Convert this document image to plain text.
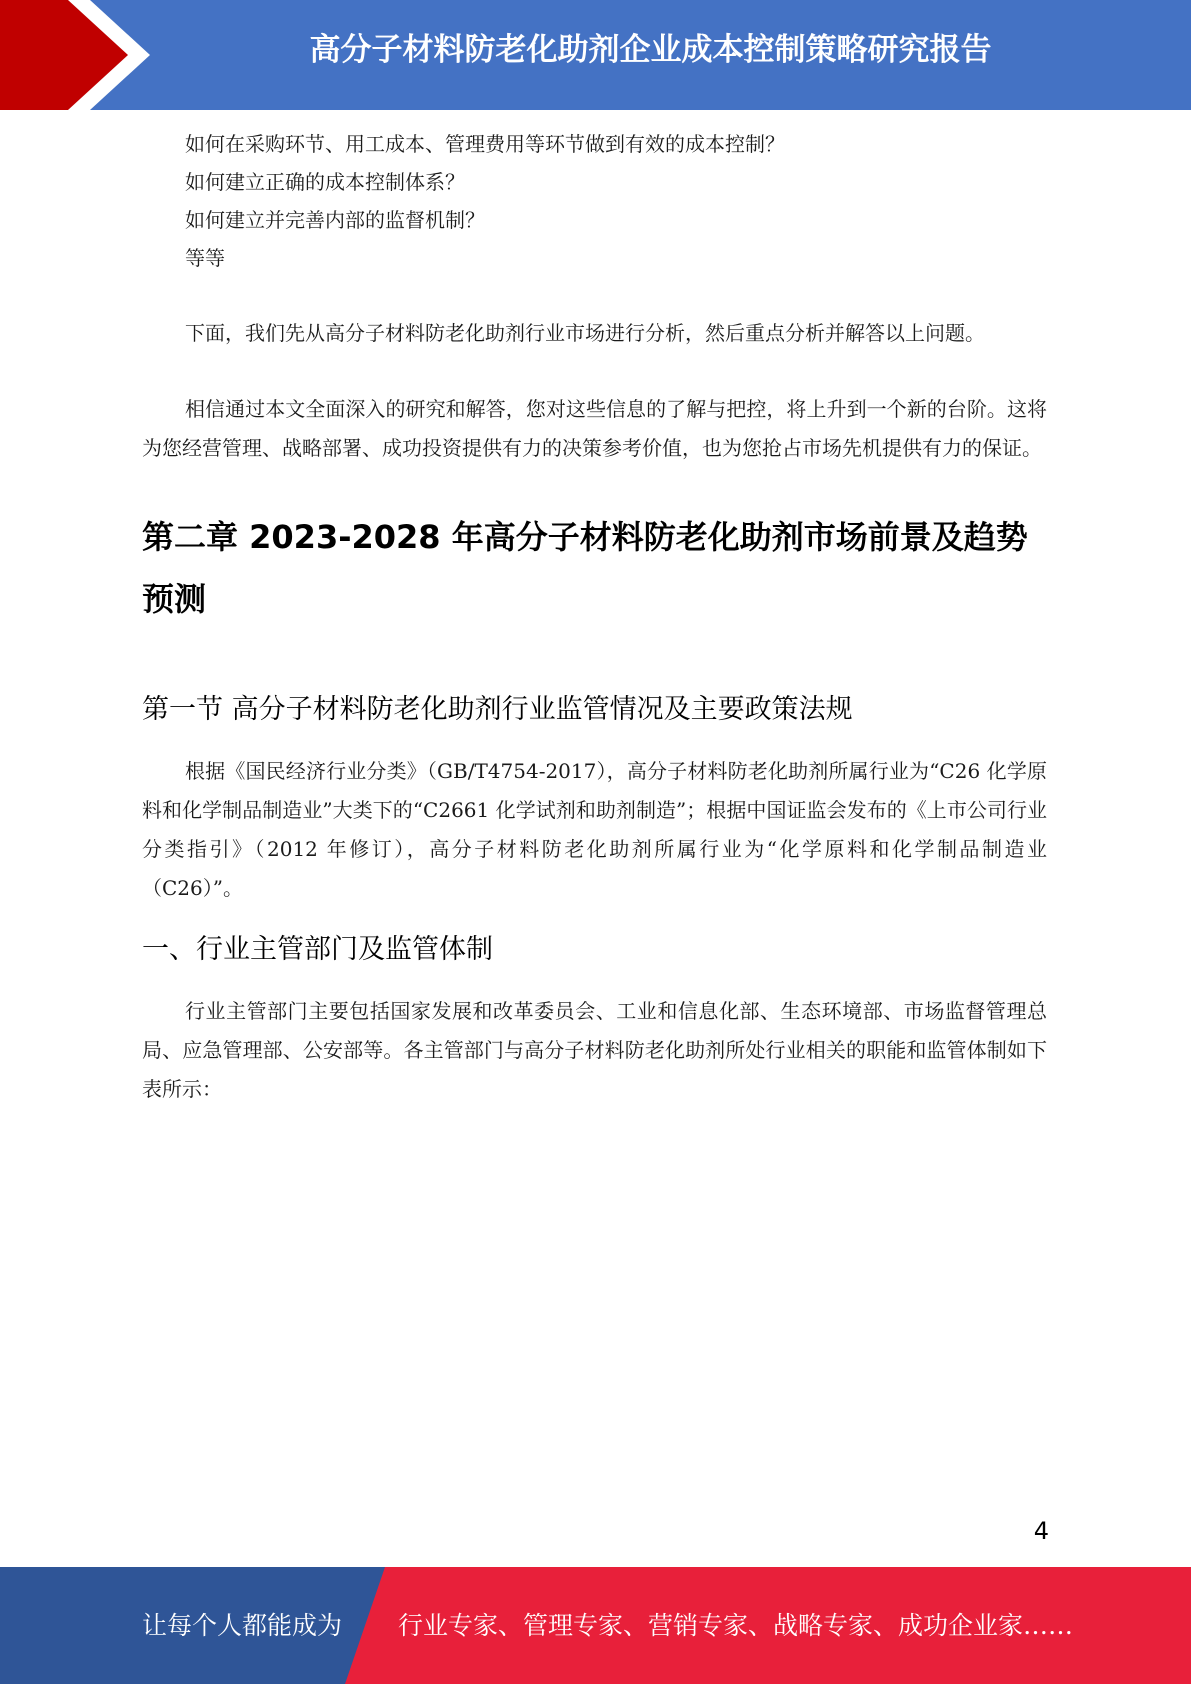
高分子材料防老化助剂企业成本控制策略研究报告

如何在采购环节、用工成本、管理费用等环节做到有效的成本控制？

如何建立正确的成本控制体系？

如何建立并完善内部的监督机制？

等等

下面，我们先从高分子材料防老化助剂行业市场进行分析，然后重点分析并解答以上问题。

相信通过本文全面深入的研究和解答，您对这些信息的了解与把控，将上升到一个新的台阶。这将为您经营管理、战略部署、成功投资提供有力的决策参考价值，也为您抢占市场先机提供有力的保证。

第二章 2023-2028 年高分子材料防老化助剂市场前景及趋势预测
第一节 高分子材料防老化助剂行业监管情况及主要政策法规

根据《国民经济行业分类》（GB/T4754-2017），高分子材料防老化助剂所属行业为“C26 化学原料和化学制品制造业”大类下的“C2661 化学试剂和助剂制造”；根据中国证监会发布的《上市公司行业分类指引》（2012 年修订），高分子材料防老化助剂所属行业为“化学原料和化学制品制造业（C26）”。

一、行业主管部门及监管体制

行业主管部门主要包括国家发展和改革委员会、工业和信息化部、生态环境部、市场监督管理总局、应急管理部、公安部等。各主管部门与高分子材料防老化助剂所处行业相关的职能和监管体制如下表所示：

4
让每个人都能成为 行业专家、管理专家、营销专家、战略专家、成功企业家……
